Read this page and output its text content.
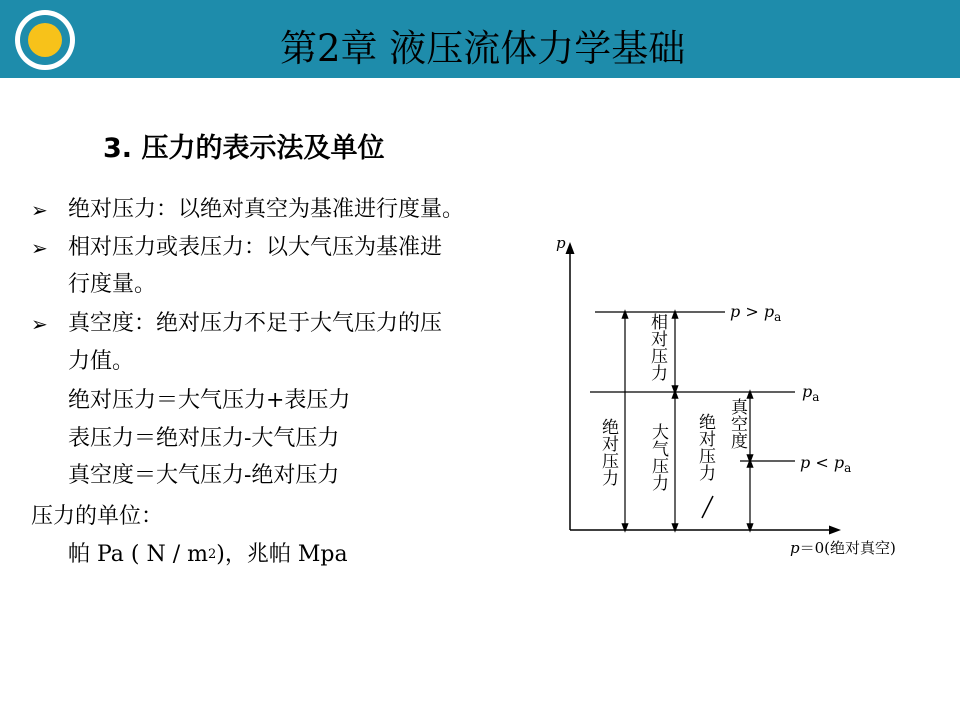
第2章 液压流体力学基础
3. 压力的表示法及单位
➢ 绝对压力：以绝对真空为基准进行度量。
➢ 相对压力或表压力：以大气压为基准进
行度量。
➢ 真空度：绝对压力不足于大气压力的压
力值。
绝对压力＝大气压力+表压力
表压力＝绝对压力-大气压力
真空度＝大气压力-绝对压力
压力的单位：
帕 Pa ( N / $m^2$)，兆帕 Mpa
p
绝对压力
相对压力
大气压力 绝对压力 真空度
$p > p_a$
$p_a$
$p < p_a$
p＝0(绝对真空)
